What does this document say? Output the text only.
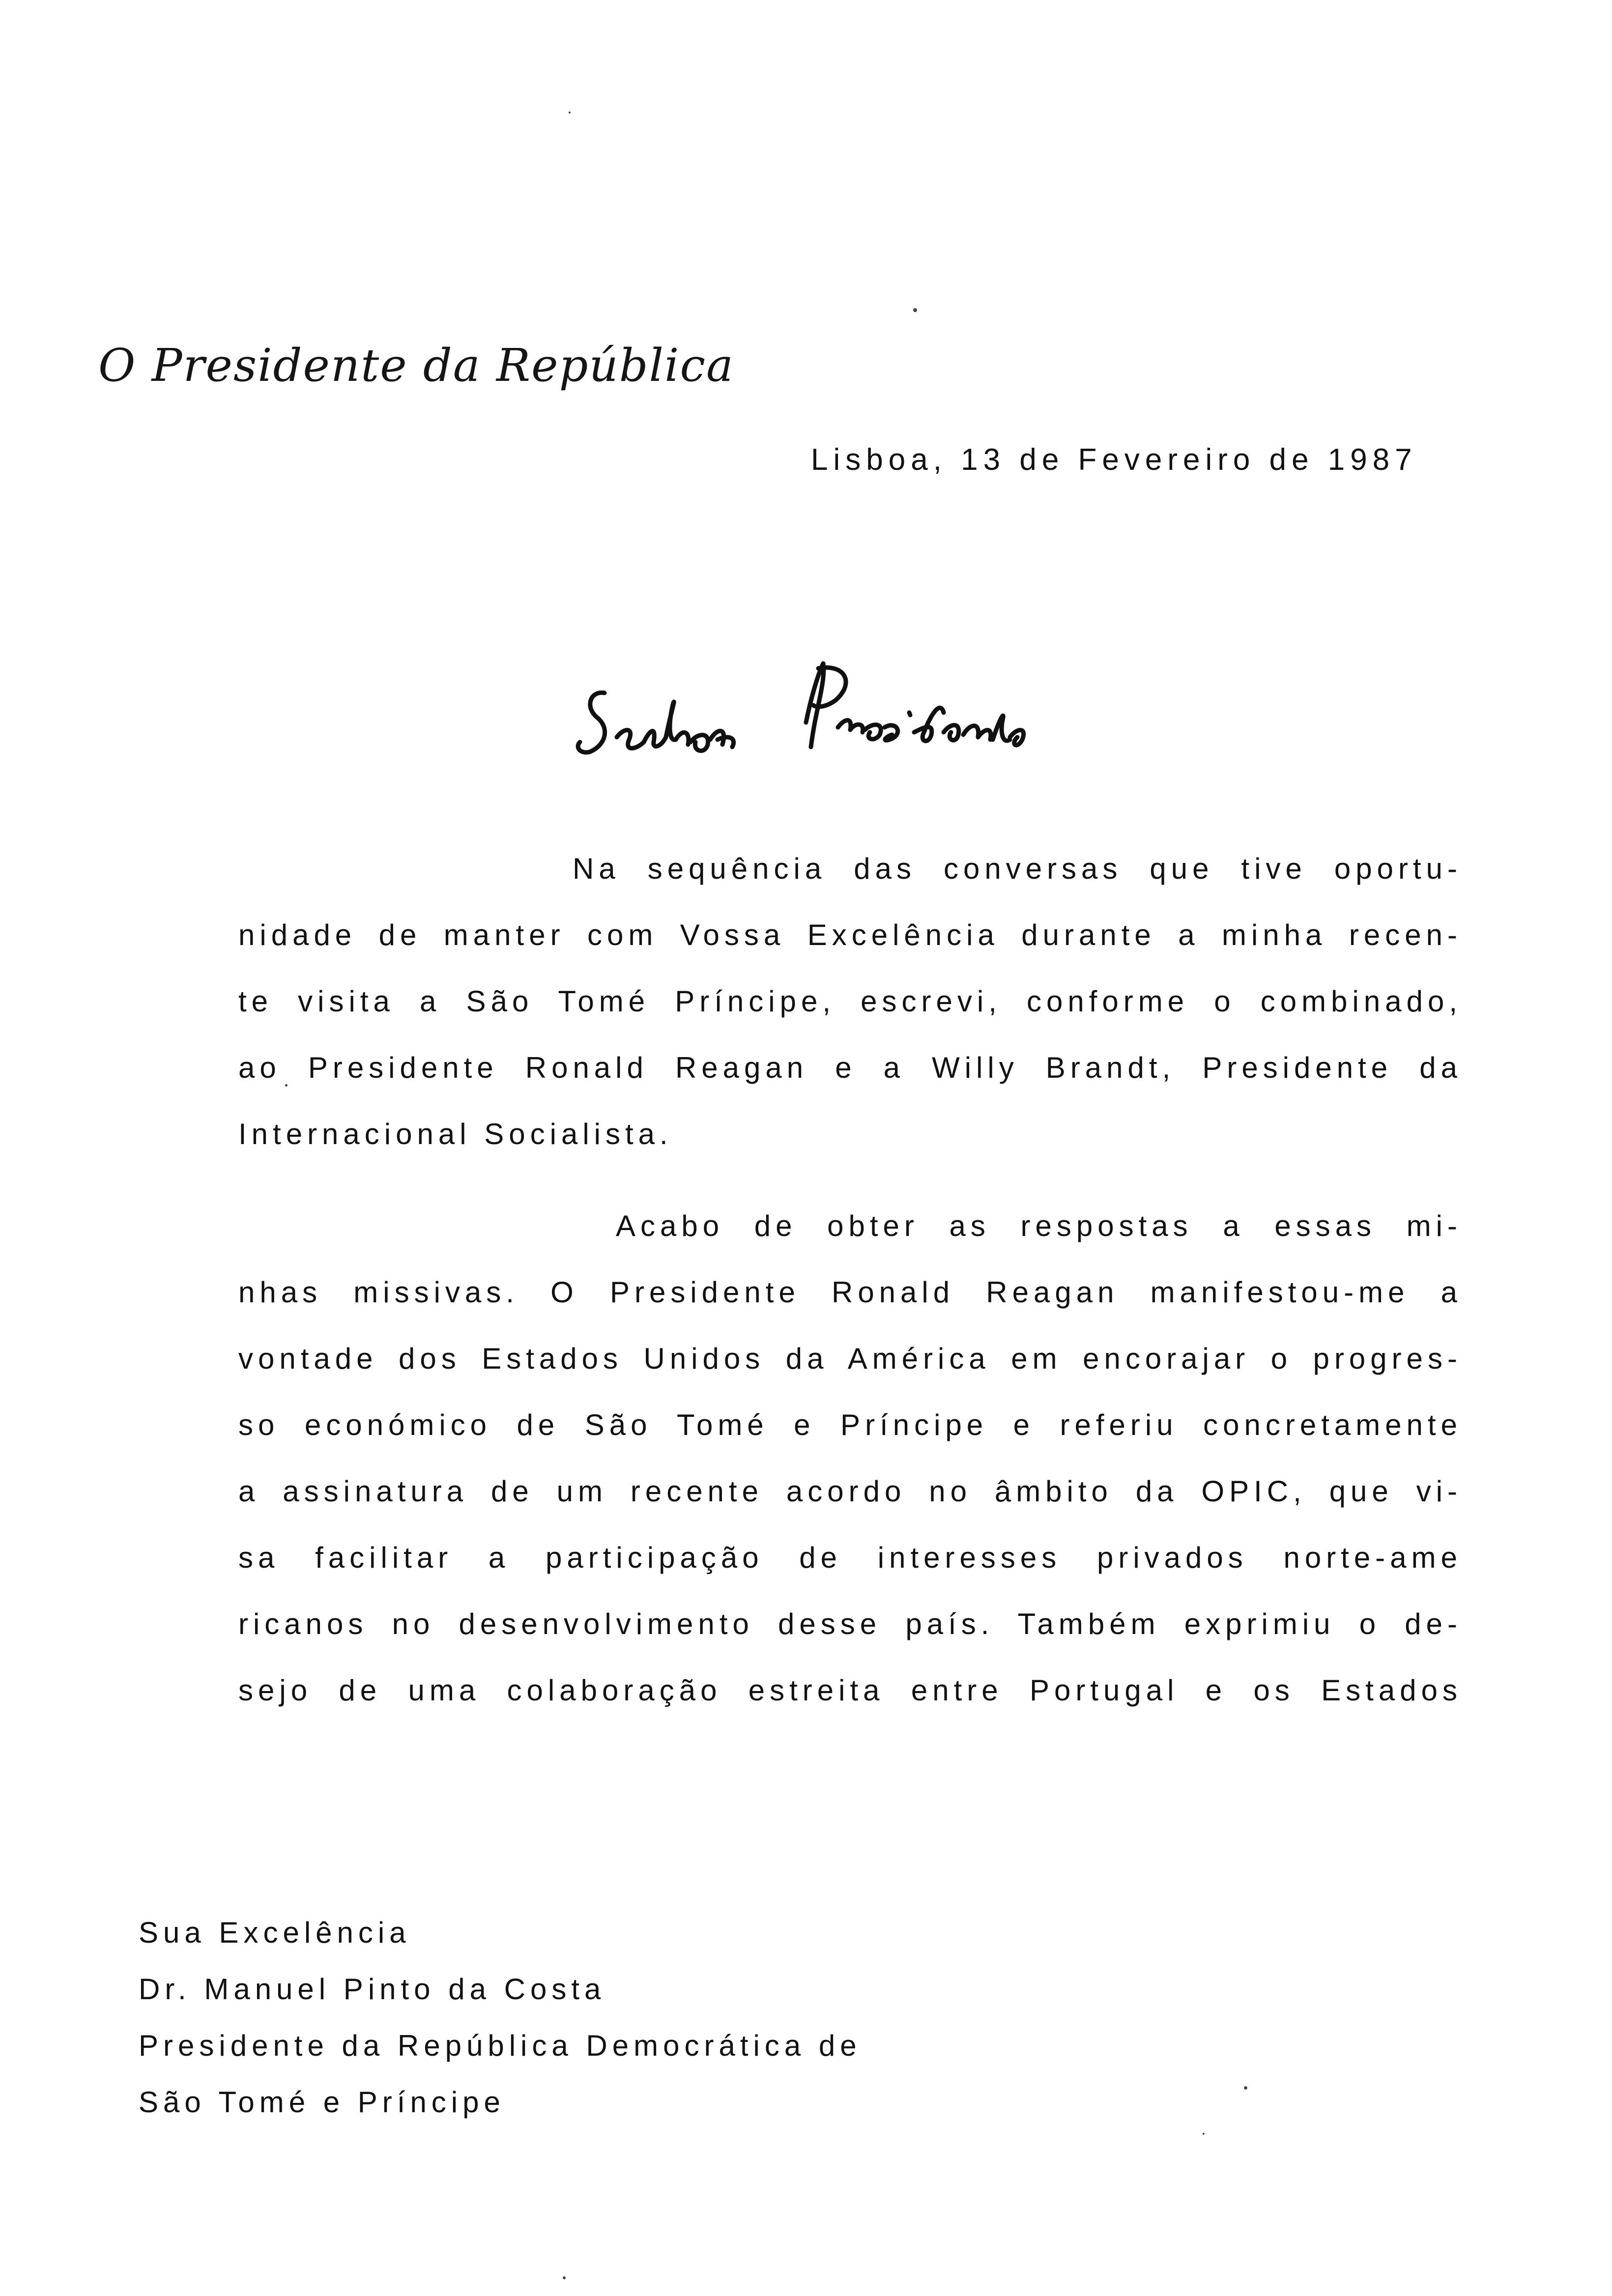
O Presidente da República
Lisboa, 13 de Fevereiro de 1987
Na sequência das conversas que tive oportu-
nidade de manter com Vossa Excelência durante a minha recen-
te visita a São Tomé Príncipe, escrevi, conforme o combinado,
ao Presidente Ronald Reagan e a Willy Brandt, Presidente da
Internacional Socialista.
Acabo de obter as respostas a essas mi-
nhas missivas. O Presidente Ronald Reagan manifestou-me a
vontade dos Estados Unidos da América em encorajar o progres-
so económico de São Tomé e Príncipe e referiu concretamente
a assinatura de um recente acordo no âmbito da OPIC, que vi-
sa facilitar a participação de interesses privados norte-ame
ricanos no desenvolvimento desse país. Também exprimiu o de-
sejo de uma colaboração estreita entre Portugal e os Estados
Sua Excelência
Dr. Manuel Pinto da Costa
Presidente da República Democrática de
São Tomé e Príncipe
